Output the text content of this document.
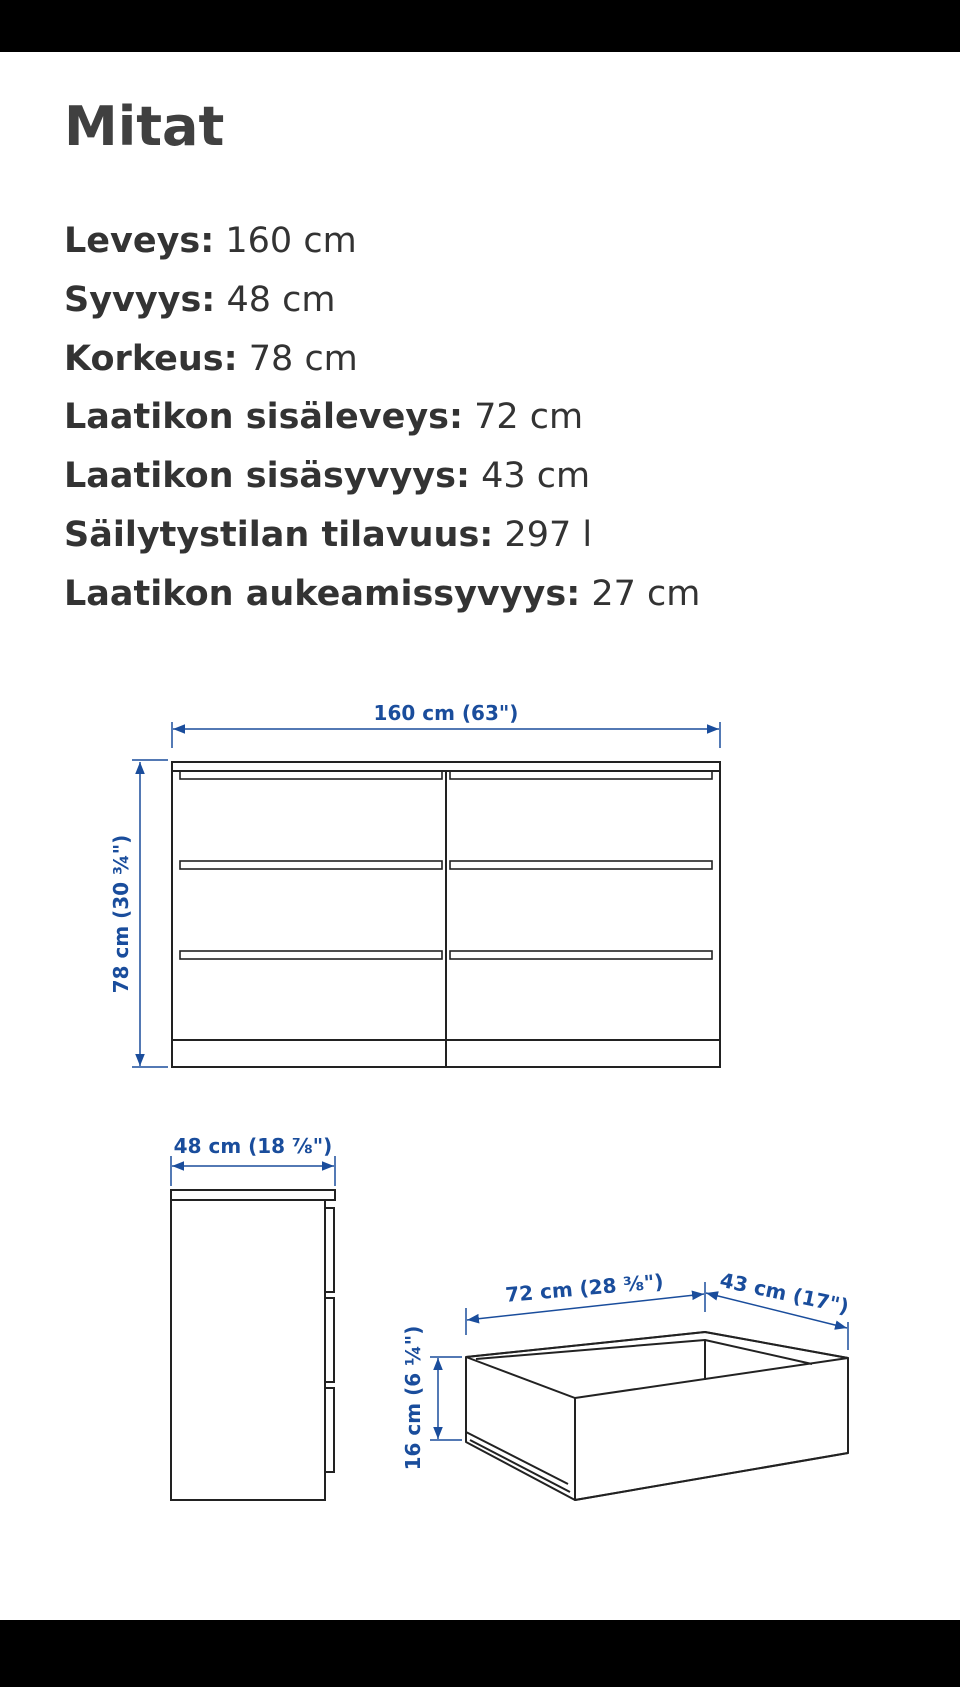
Mitat
Leveys: 160 cm
Syvyys: 48 cm
Korkeus: 78 cm
Laatikon sisäleveys: 72 cm
Laatikon sisäsyvyys: 43 cm
Säilytystilan tilavuus: 297 l
Laatikon aukeamissyvyys: 27 cm
160 cm (63")
78 cm (30 ¾")
48 cm (18 ⅞")
72 cm (28 ⅜")	43 cm (17")
16 cm (6 ¼")
